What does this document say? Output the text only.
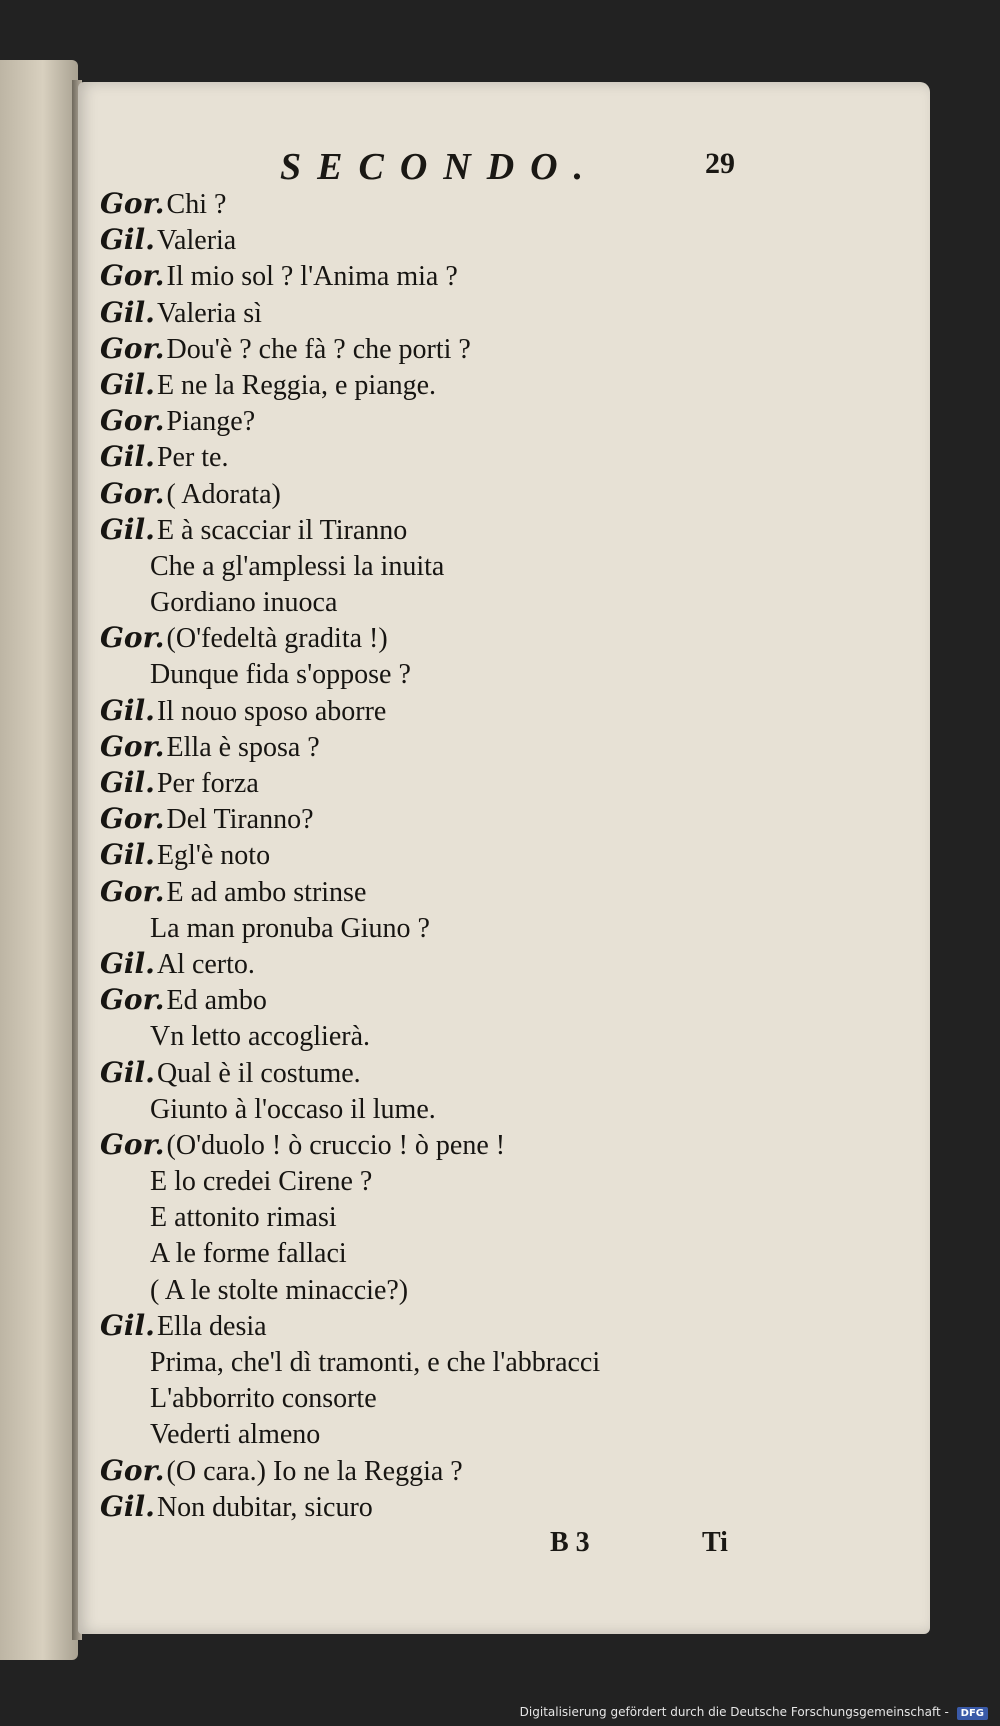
SECONDO.	29
Gor.Chi ?
Gil.Valeria
Gor.Il mio sol ? l'Anima mia ?
Gil.Valeria sì
Gor.Dou'è ? che fà ? che porti ?
Gil.E ne la Reggia, e piange.
Gor.Piange?
Gil.Per te.
Gor.( Adorata)
Gil.E à scacciar il Tiranno
Che a gl'amplessi la inuita
Gordiano inuoca
Gor.(O'fedeltà gradita !)
Dunque fida s'oppose ?
Gil.Il nouo sposo aborre
Gor.Ella è sposa ?
Gil.Per forza
Gor.Del Tiranno?
Gil.Egl'è noto
Gor.E ad ambo strinse
La man pronuba Giuno ?
Gil.Al certo.
Gor.Ed ambo
Vn letto accoglierà.
Gil.Qual è il costume.
Giunto à l'occaso il lume.
Gor.(O'duolo ! ò cruccio ! ò pene !
E lo credei Cirene ?
E attonito rimasi
A le forme fallaci
( A le stolte minaccie?)
Gil.Ella desia
Prima, che'l dì tramonti, e che l'abbracci
L'abborrito consorte
Vederti almeno
Gor.(O cara.) Io ne la Reggia ?
Gil.Non dubitar, sicuro
B 3	Ti
Digitalisierung gefördert durch die Deutsche Forschungsgemeinschaft - DFG
